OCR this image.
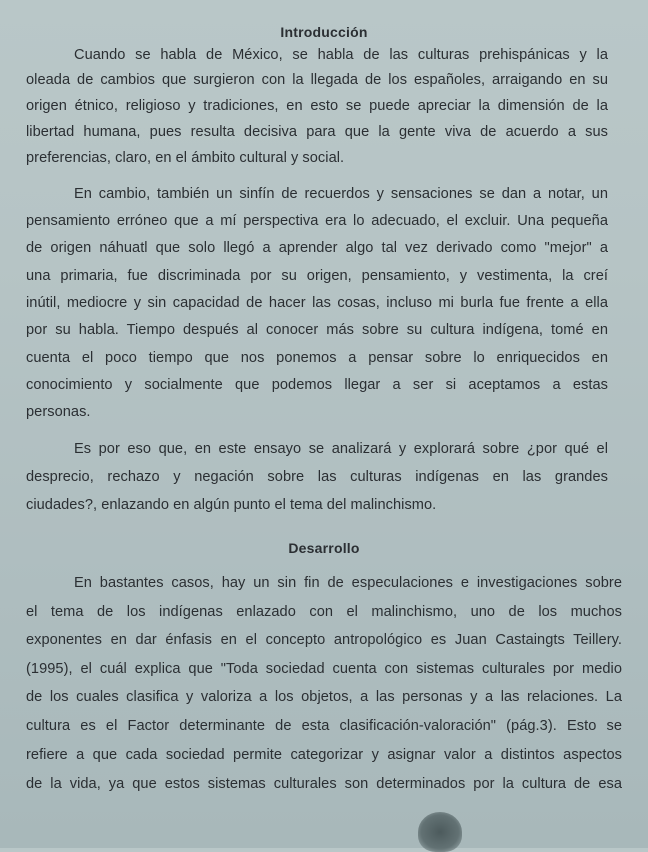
Introducción
Cuando se habla de México, se habla de las culturas prehispánicas y la
oleada de cambios que surgieron con la llegada de los españoles, arraigando en su
origen étnico, religioso y tradiciones, en esto se puede apreciar la dimensión de la
libertad humana, pues resulta decisiva para que la gente viva de acuerdo a sus
preferencias, claro, en el ámbito cultural y social.
En cambio, también un sinfín de recuerdos y sensaciones se dan a notar, un
pensamiento erróneo que a mí perspectiva era lo adecuado, el excluir. Una pequeña
de origen náhuatl que solo llegó a aprender algo tal vez derivado como "mejor" a
una primaria, fue discriminada por su origen, pensamiento, y vestimenta, la creí
inútil, mediocre y sin capacidad de hacer las cosas, incluso mi burla fue frente a ella
por su habla. Tiempo después al conocer más sobre su cultura indígena, tomé en
cuenta el poco tiempo que nos ponemos a pensar sobre lo enriquecidos en
conocimiento y socialmente que podemos llegar a ser si aceptamos a estas
personas.
Es por eso que, en este ensayo se analizará y explorará sobre ¿por qué el
desprecio, rechazo y negación sobre las culturas indígenas en las grandes
ciudades?, enlazando en algún punto el tema del malinchismo.
Desarrollo
En bastantes casos, hay un sin fin de especulaciones e investigaciones sobre
el tema de los indígenas enlazado con el malinchismo, uno de los muchos
exponentes en dar énfasis en el concepto antropológico es Juan Castaingts Teillery.
(1995), el cuál explica que "Toda sociedad cuenta con sistemas culturales por medio
de los cuales clasifica y valoriza a los objetos, a las personas y a las relaciones. La
cultura es el Factor determinante de esta clasificación-valoración" (pág.3). Esto se
refiere a que cada sociedad permite categorizar y asignar valor a distintos aspectos
de la vida, ya que estos sistemas culturales son determinados por la cultura de esa
